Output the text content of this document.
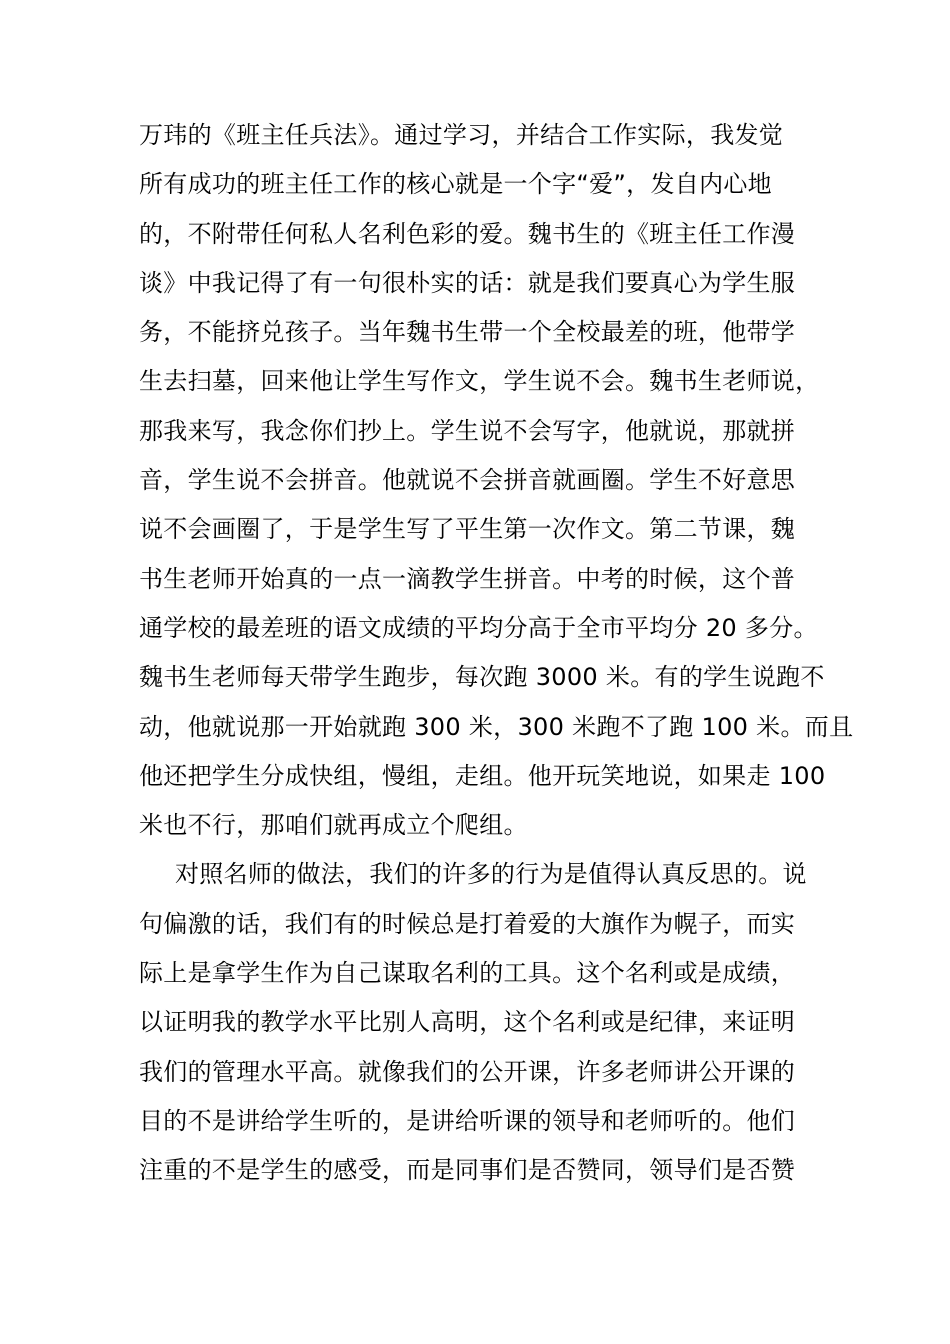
万玮的《班主任兵法》。通过学习，并结合工作实际，我发觉
所有成功的班主任工作的核心就是一个字“爱”，发自内心地
的，不附带任何私人名利色彩的爱。魏书生的《班主任工作漫
谈》中我记得了有一句很朴实的话：就是我们要真心为学生服
务，不能挤兑孩子。当年魏书生带一个全校最差的班，他带学
生去扫墓，回来他让学生写作文，学生说不会。魏书生老师说，
那我来写，我念你们抄上。学生说不会写字，他就说，那就拼
音，学生说不会拼音。他就说不会拼音就画圈。学生不好意思
说不会画圈了，于是学生写了平生第一次作文。第二节课，魏
书生老师开始真的一点一滴教学生拼音。中考的时候，这个普
通学校的最差班的语文成绩的平均分高于全市平均分 20 多分。
魏书生老师每天带学生跑步，每次跑 3000 米。有的学生说跑不
动，他就说那一开始就跑 300 米，300 米跑不了跑 100 米。而且
他还把学生分成快组，慢组，走组。他开玩笑地说，如果走 100
米也不行，那咱们就再成立个爬组。
对照名师的做法，我们的许多的行为是值得认真反思的。说
句偏激的话，我们有的时候总是打着爱的大旗作为幌子，而实
际上是拿学生作为自己谋取名利的工具。这个名利或是成绩，
以证明我的教学水平比别人高明，这个名利或是纪律，来证明
我们的管理水平高。就像我们的公开课，许多老师讲公开课的
目的不是讲给学生听的，是讲给听课的领导和老师听的。他们
注重的不是学生的感受，而是同事们是否赞同，领导们是否赞
